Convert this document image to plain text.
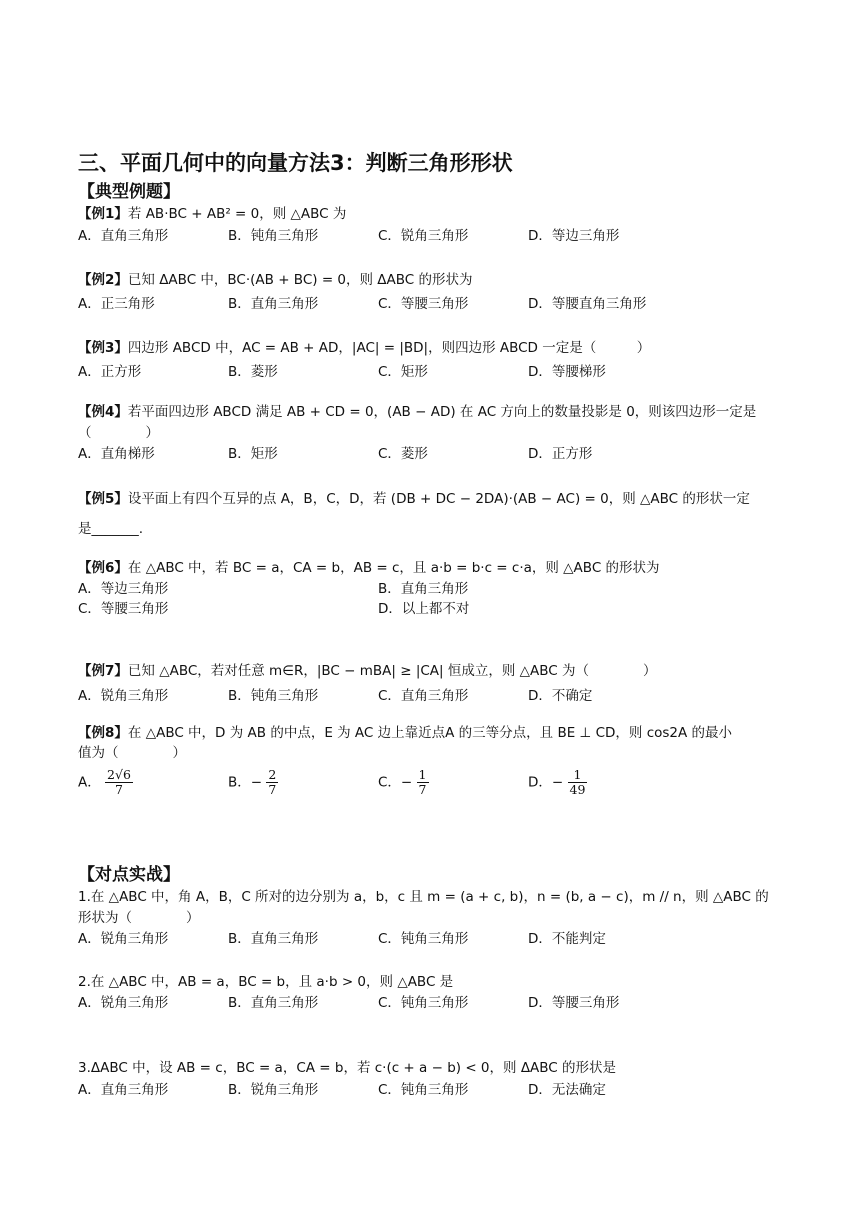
三、平面几何中的向量方法3：判断三角形形状
【典型例题】
【例1】若 AB·BC + AB² = 0，则 △ABC 为
A．直角三角形	B．钝角三角形	C．锐角三角形	D．等边三角形
【例2】已知 ΔABC 中，BC·(AB + BC) = 0，则 ΔABC 的形状为
A．正三角形	B．直角三角形	C．等腰三角形	D．等腰直角三角形
【例3】四边形 ABCD 中，AC = AB + AD，|AC| = |BD|，则四边形 ABCD 一定是（　　　）
A．正方形	B．菱形	C．矩形	D．等腰梯形
【例4】若平面四边形 ABCD 满足 AB + CD = 0，(AB − AD) 在 AC 方向上的数量投影是 0，则该四边形一定是
（　　　　）
A．直角梯形	B．矩形	C．菱形	D．正方形
【例5】设平面上有四个互异的点 A，B，C，D，若 (DB + DC − 2DA)·(AB − AC) = 0，则 △ABC 的形状一定
是_______.
【例6】在 △ABC 中，若 BC = a，CA = b，AB = c，且 a·b = b·c = c·a，则 △ABC 的形状为
A．等边三角形	B．直角三角形
C．等腰三角形	D．以上都不对
【例7】已知 △ABC，若对任意 m∈R，|BC − mBA| ≥ |CA| 恒成立，则 △ABC 为（　　　　）
A．锐角三角形	B．钝角三角形	C．直角三角形	D．不确定
【例8】在 △ABC 中，D 为 AB 的中点，E 为 AC 边上靠近点A 的三等分点，且 BE ⊥ CD，则 cos2A 的最小
值为（　　　　）
A． $\frac{2√6}{7}$	B．− $\frac{2}{7}$	C．− $\frac{1}{7}$	D．− $\frac{1}{49}$
【对点实战】
1.在 △ABC 中，角 A，B，C 所对的边分别为 a，b，c 且 m = (a + c, b)，n = (b, a − c)，m // n，则 △ABC 的
形状为（　　　　）
A．锐角三角形	B．直角三角形	C．钝角三角形	D．不能判定
2.在 △ABC 中，AB = a，BC = b，且 a·b > 0，则 △ABC 是
A．锐角三角形	B．直角三角形	C．钝角三角形	D．等腰三角形
3.ΔABC 中，设 AB = c，BC = a，CA = b，若 c·(c + a − b) < 0，则 ΔABC 的形状是
A．直角三角形	B．锐角三角形	C．钝角三角形	D．无法确定
